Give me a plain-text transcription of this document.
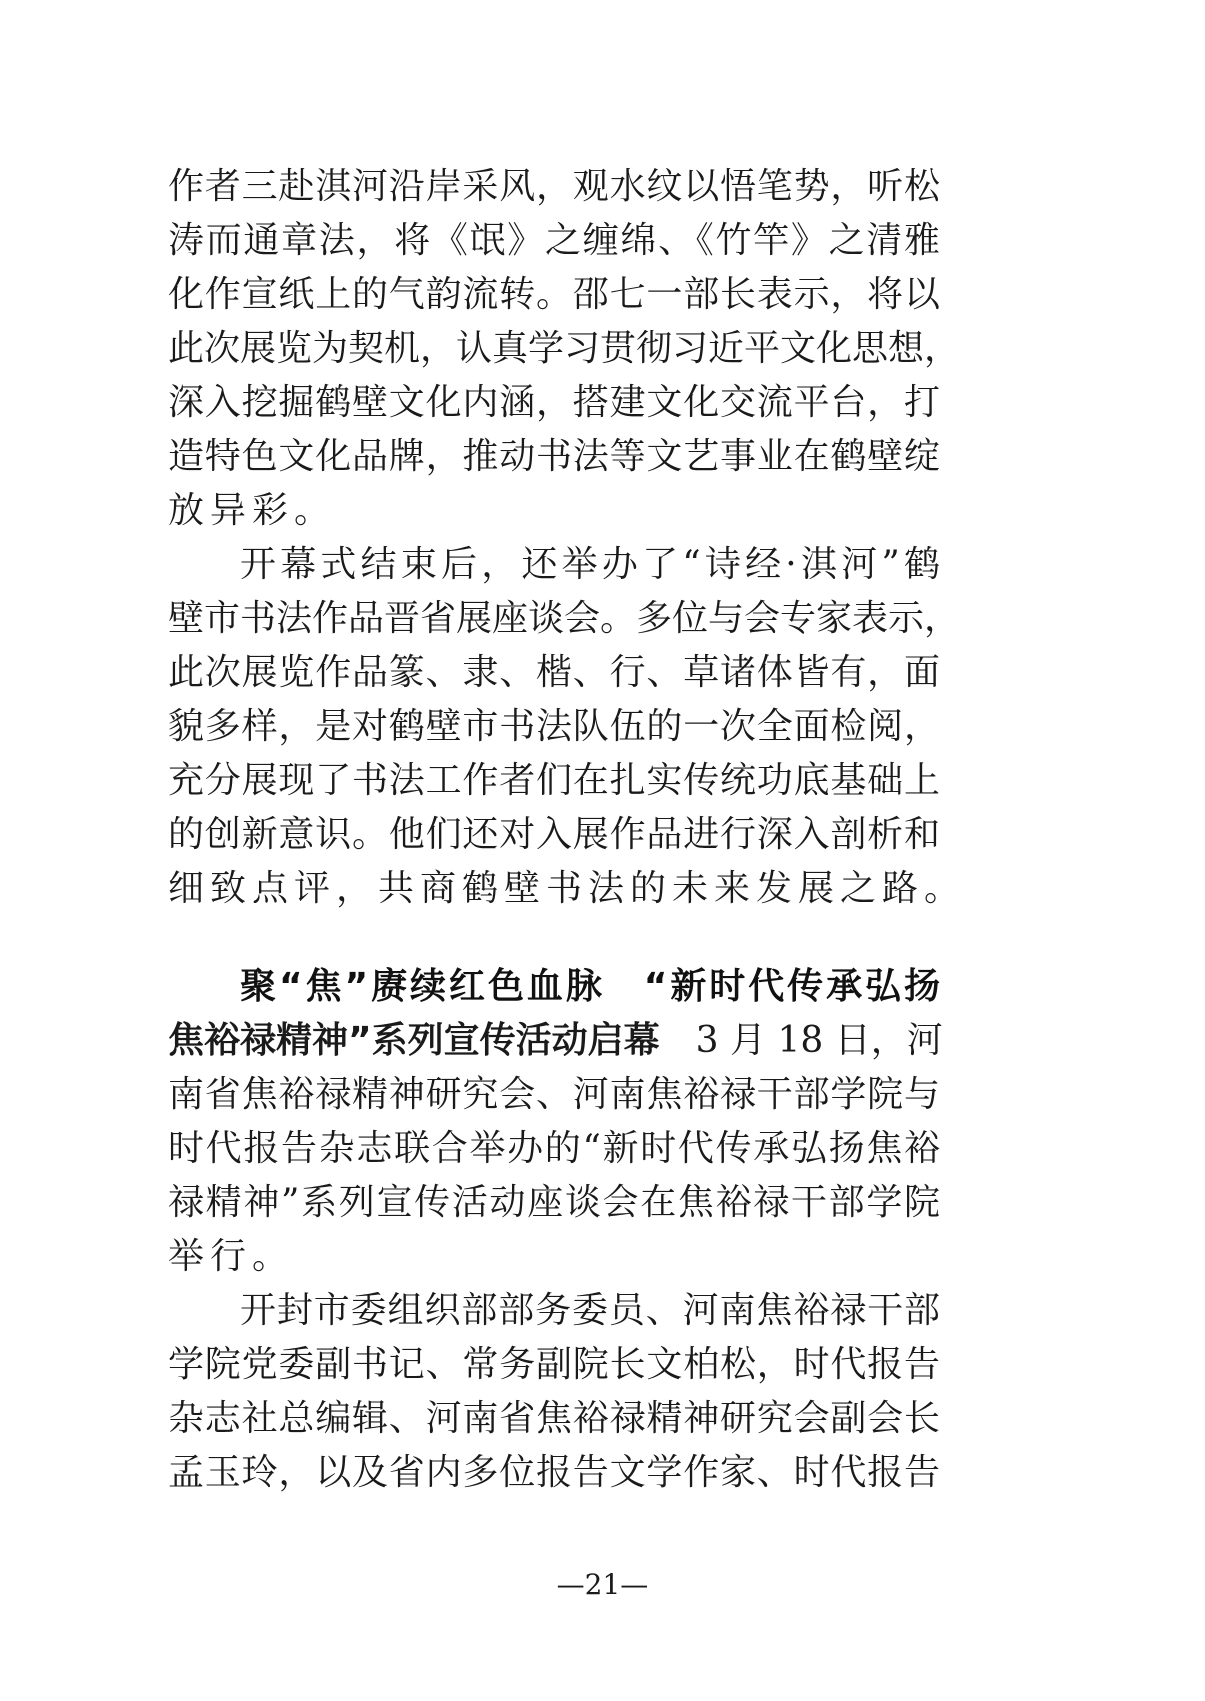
作者三赴淇河沿岸采风，观水纹以悟笔势，听松
涛而通章法，将《氓》之缠绵、《竹竿》之清雅
化作宣纸上的气韵流转。邵七一部长表示，将以
此次展览为契机，认真学习贯彻习近平文化思想，
深入挖掘鹤壁文化内涵，搭建文化交流平台，打
造特色文化品牌，推动书法等文艺事业在鹤壁绽
放异彩。
开幕式结束后，还举办了“诗经·淇河”鹤
壁市书法作品晋省展座谈会。多位与会专家表示，
此次展览作品篆、隶、楷、行、草诸体皆有，面
貌多样，是对鹤壁市书法队伍的一次全面检阅，
充分展现了书法工作者们在扎实传统功底基础上
的创新意识。他们还对入展作品进行深入剖析和
细致点评，共商鹤壁书法的未来发展之路。
聚“焦”赓续红色血脉　“新时代传承弘扬
焦裕禄精神”系列宣传活动启幕　3 月 18 日，河
南省焦裕禄精神研究会、河南焦裕禄干部学院与
时代报告杂志联合举办的“新时代传承弘扬焦裕
禄精神”系列宣传活动座谈会在焦裕禄干部学院
举行。
开封市委组织部部务委员、河南焦裕禄干部
学院党委副书记、常务副院长文柏松，时代报告
杂志社总编辑、河南省焦裕禄精神研究会副会长
孟玉玲，以及省内多位报告文学作家、时代报告
—21—
